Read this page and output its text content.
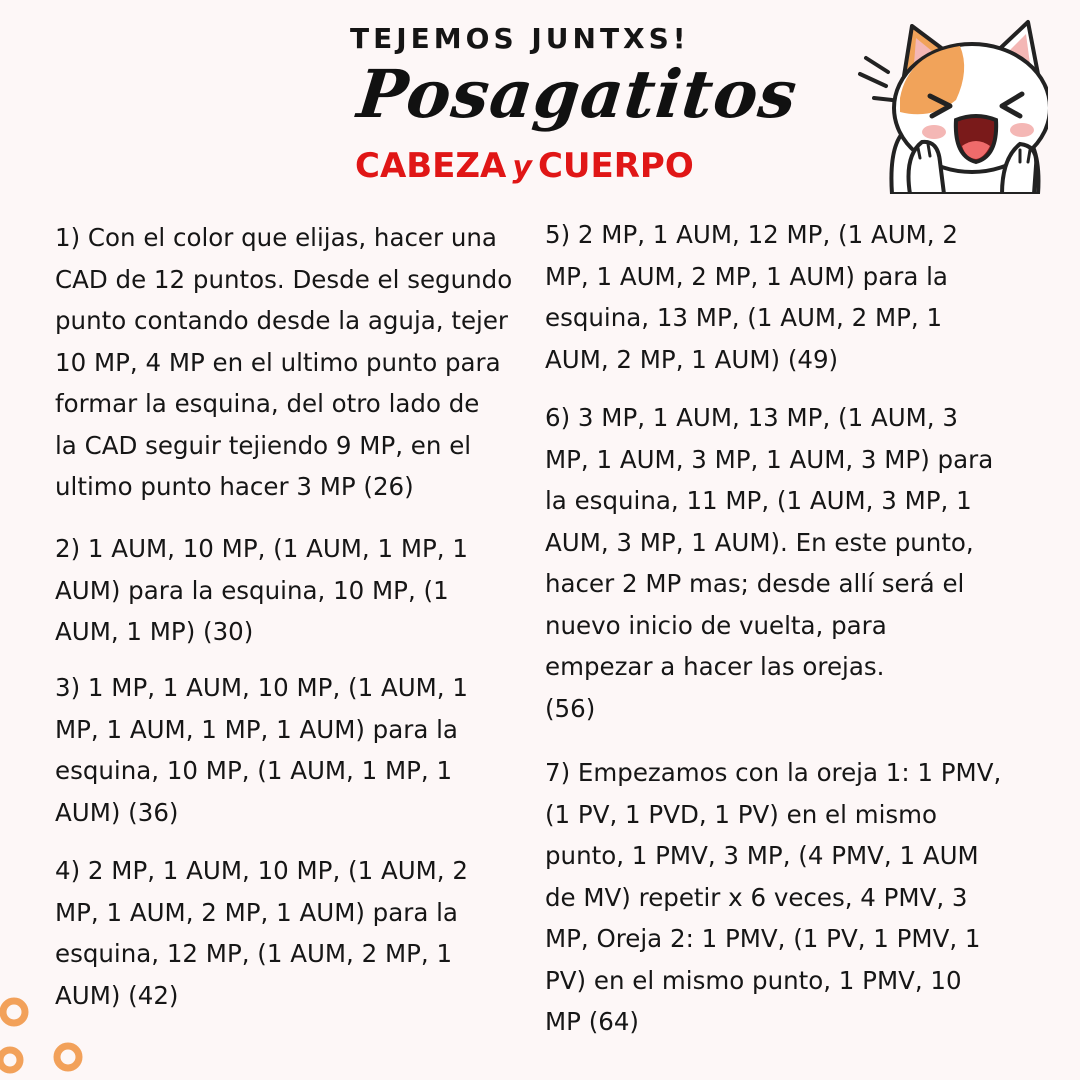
TEJEMOS JUNTXS!
Posagatitos
CABEZA y CUERPO

1) Con el color que elijas, hacer una
CAD de 12 puntos. Desde el segundo
punto contando desde la aguja, tejer
10 MP, 4 MP en el ultimo punto para
formar la esquina, del otro lado de
la CAD seguir tejiendo 9 MP, en el
ultimo punto hacer 3 MP (26)

2) 1 AUM, 10 MP, (1 AUM, 1 MP, 1
AUM) para la esquina, 10 MP, (1
AUM, 1 MP) (30)

3) 1 MP, 1 AUM, 10 MP, (1 AUM, 1
MP, 1 AUM, 1 MP, 1 AUM) para la
esquina, 10 MP, (1 AUM, 1 MP, 1
AUM) (36)

4) 2 MP, 1 AUM, 10 MP, (1 AUM, 2
MP, 1 AUM, 2 MP, 1 AUM) para la
esquina, 12 MP, (1 AUM, 2 MP, 1
AUM) (42)

5) 2 MP, 1 AUM, 12 MP, (1 AUM, 2
MP, 1 AUM, 2 MP, 1 AUM) para la
esquina, 13 MP, (1 AUM, 2 MP, 1
AUM, 2 MP, 1 AUM) (49)

6) 3 MP, 1 AUM, 13 MP, (1 AUM, 3
MP, 1 AUM, 3 MP, 1 AUM, 3 MP) para
la esquina, 11 MP, (1 AUM, 3 MP, 1
AUM, 3 MP, 1 AUM). En este punto,
hacer 2 MP mas; desde allí será el
nuevo inicio de vuelta, para
empezar a hacer las orejas.
(56)

7) Empezamos con la oreja 1: 1 PMV,
(1 PV, 1 PVD, 1 PV) en el mismo
punto, 1 PMV, 3 MP, (4 PMV, 1 AUM
de MV) repetir x 6 veces, 4 PMV, 3
MP, Oreja 2: 1 PMV, (1 PV, 1 PMV, 1
PV) en el mismo punto, 1 PMV, 10
MP (64)
